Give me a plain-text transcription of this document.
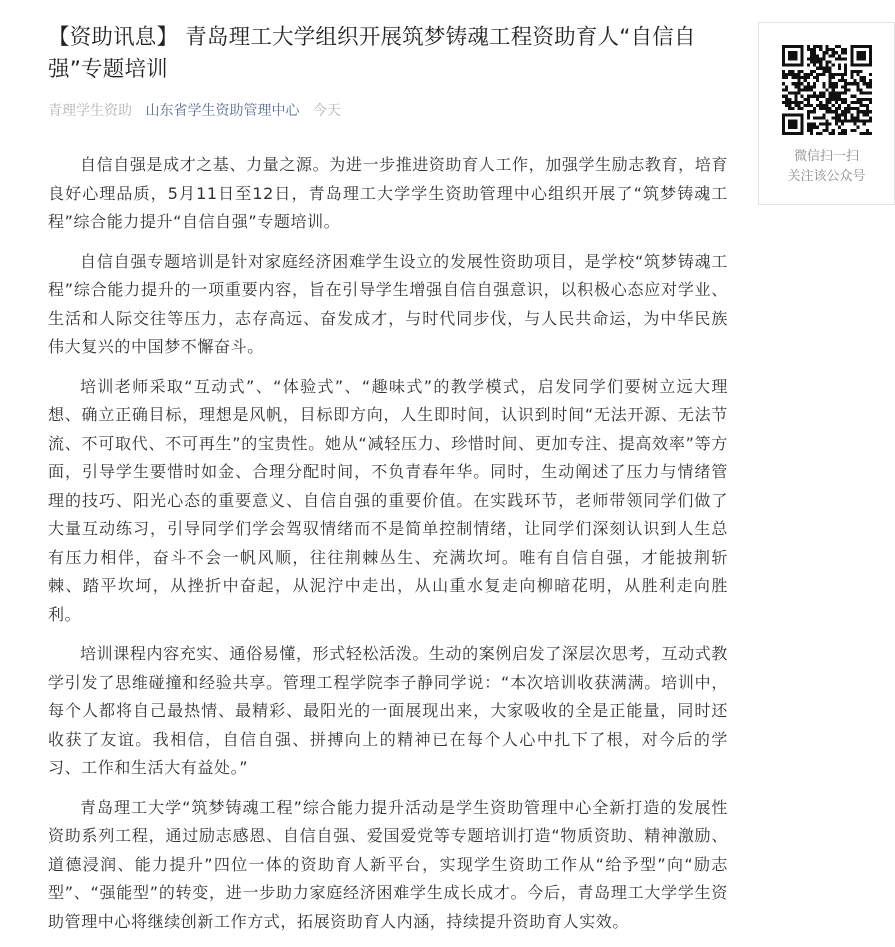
【资助讯息】 青岛理工大学组织开展筑梦铸魂工程资助育人“自信自强”专题培训
青理学生资助 山东省学生资助管理中心 今天

自信自强是成才之基、力量之源。为进一步推进资助育人工作，加强学生励志教育，培育良好心理品质，5月11日至12日，青岛理工大学学生资助管理中心组织开展了“筑梦铸魂工程”综合能力提升“自信自强”专题培训。

自信自强专题培训是针对家庭经济困难学生设立的发展性资助项目，是学校“筑梦铸魂工程”综合能力提升的一项重要内容，旨在引导学生增强自信自强意识，以积极心态应对学业、生活和人际交往等压力，志存高远、奋发成才，与时代同步伐，与人民共命运，为中华民族伟大复兴的中国梦不懈奋斗。

培训老师采取“互动式”、“体验式”、“趣味式”的教学模式，启发同学们要树立远大理想、确立正确目标，理想是风帆，目标即方向，人生即时间，认识到时间“无法开源、无法节流、不可取代、不可再生”的宝贵性。她从“减轻压力、珍惜时间、更加专注、提高效率”等方面，引导学生要惜时如金、合理分配时间，不负青春年华。同时，生动阐述了压力与情绪管理的技巧、阳光心态的重要意义、自信自强的重要价值。在实践环节，老师带领同学们做了大量互动练习，引导同学们学会驾驭情绪而不是简单控制情绪，让同学们深刻认识到人生总有压力相伴，奋斗不会一帆风顺，往往荆棘丛生、充满坎坷。唯有自信自强，才能披荆斩棘、踏平坎坷，从挫折中奋起，从泥泞中走出，从山重水复走向柳暗花明，从胜利走向胜利。

培训课程内容充实、通俗易懂，形式轻松活泼。生动的案例启发了深层次思考，互动式教学引发了思维碰撞和经验共享。管理工程学院李子静同学说：“本次培训收获满满。培训中，每个人都将自己最热情、最精彩、最阳光的一面展现出来，大家吸收的全是正能量，同时还收获了友谊。我相信，自信自强、拼搏向上的精神已在每个人心中扎下了根，对今后的学习、工作和生活大有益处。”

青岛理工大学“筑梦铸魂工程”综合能力提升活动是学生资助管理中心全新打造的发展性资助系列工程，通过励志感恩、自信自强、爱国爱党等专题培训打造“物质资助、精神激励、道德浸润、能力提升”四位一体的资助育人新平台，实现学生资助工作从“给予型”向“励志型”、“强能型”的转变，进一步助力家庭经济困难学生成长成才。今后，青岛理工大学学生资助管理中心将继续创新工作方式，拓展资助育人内涵，持续提升资助育人实效。

微信扫一扫
关注该公众号
